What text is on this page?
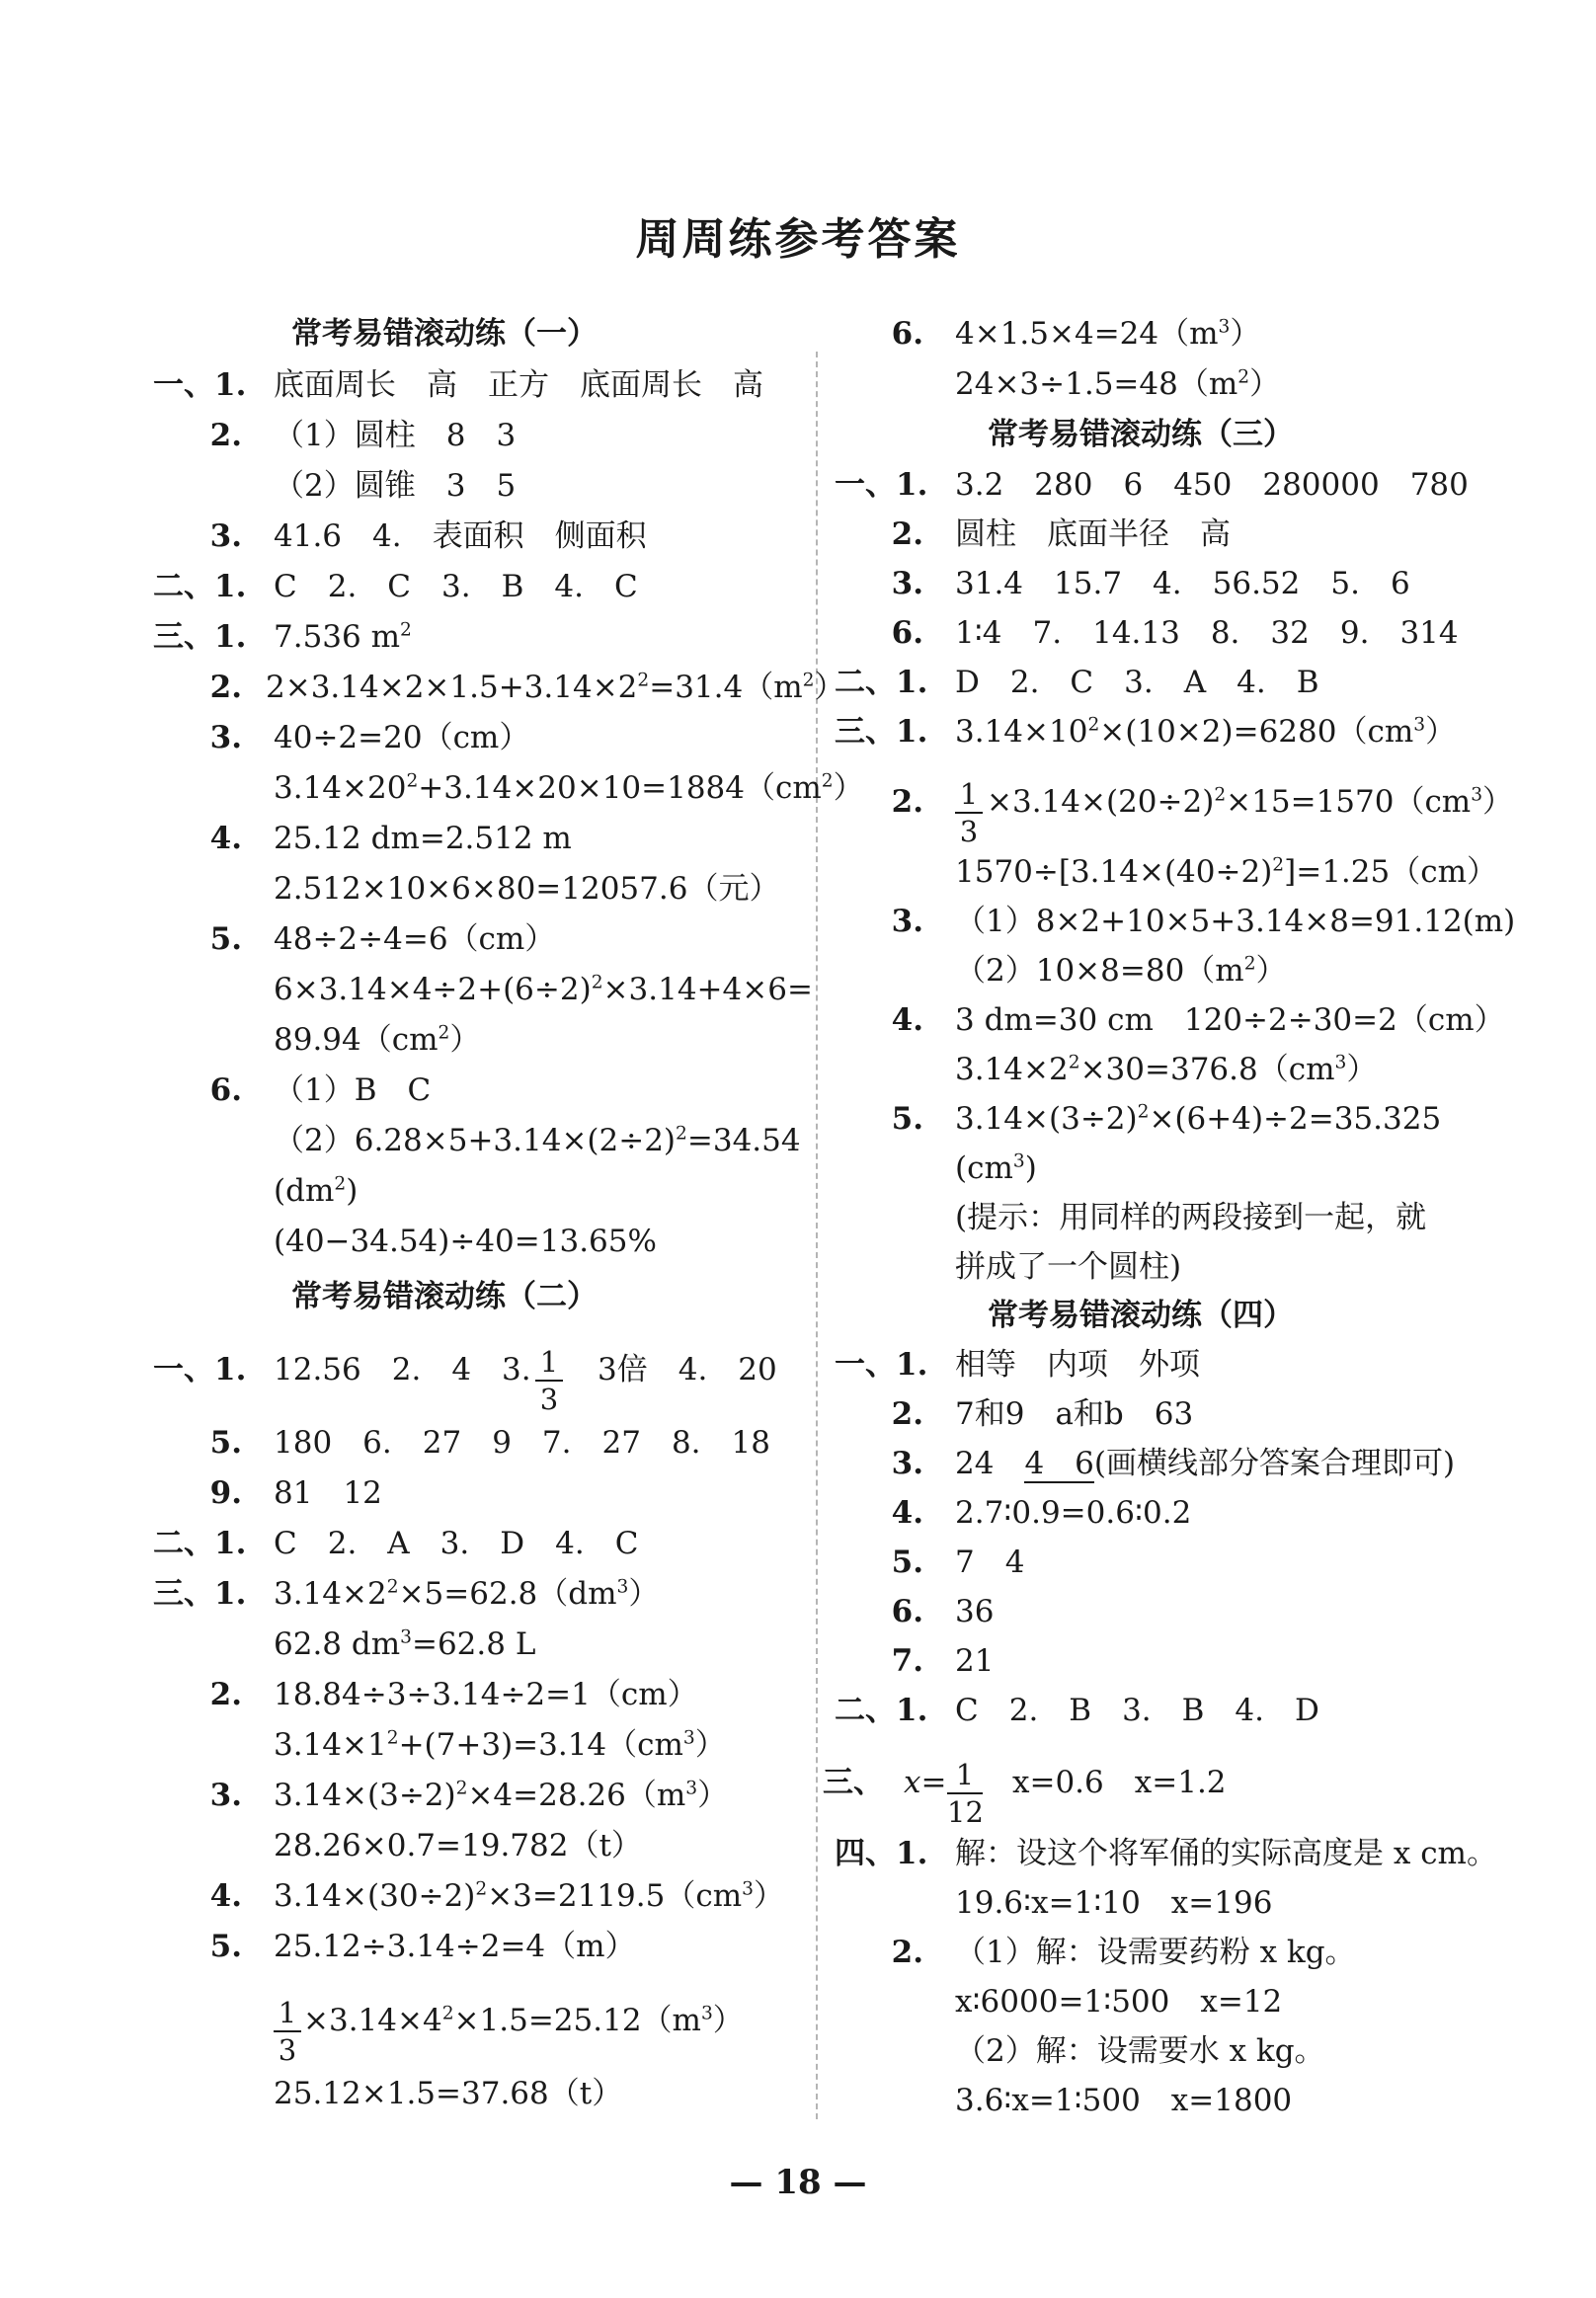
周周练参考答案
常考易错滚动练（一）
一、1. 底面周长　高　正方　底面周长　高
2. （1）圆柱　8　3
（2）圆锥　3　5
3. 41.6　4.　表面积　侧面积
二、1. C　2.　C　3.　B　4.　C
三、1. 7.536 $m^2$
2. $2\times 3.14\times 2\times 1.5+3.14\times 2^2=31.4(m^2)$
3. 40÷2=20（cm）
$3.14\times 20^2+3.14\times 20\times 10=1884(cm^2)$
4. 25.12 dm=2.512 m
2.512×10×6×80=12057.6（元）
5. 48÷2÷4=6（cm）
$6\times 3.14\times 4\div 2+(6\div 2)^2\times 3.14+4\times 6=$
$89.94(cm^2)$
6. （1）B　C
$(2)6.28\times 5+3.14\times(2\div 2)^2=34.54$
$(dm^2)$
(40−34.54)÷40=13.65%
常考易错滚动练（二）
一、1. 12.56　2.　4　3. $\frac{1}{3} 3$倍　4.　20
5. 180　6.　27　9　7.　27　8.　18
9. 81　12
二、1. C　2.　A　3.　D　4.　C
三、1. $3.14\times 2^2\times 5=62.8(dm^3)$
62.8 $dm^3=62.8$ L
2. 18.84÷3÷3.14÷2=1（cm）
$3.14\times 1^2+(7+3)=3.14(cm^3)$
3. $3.14\times(3\div 2)^2\times 4=28.26(m^3)$
28.26×0.7=19.782（t）
4. $3.14\times(30\div 2)^2\times 3=2119.5(cm^3)$
5. 25.12÷3.14÷2=4（m）
$\frac{1}{3} \times 3.14\times 4^2\times 1.5=25.12(m^3)$
25.12×1.5=37.68（t）
6. $4\times 1.5\times 4=24(m^3)$
$24\times 3\div 1.5=48(m^2)$
常考易错滚动练（三）
一、1. 3.2　280　6　450　280000　780
2. 圆柱　底面半径　高
3. 31.4　15.7　4.　56.52　5.　6
6. 1∶4　7.　14.13　8.　32　9.　314
二、1. D　2.　C　3.　A　4.　B
三、1. $3.14\times 10^2\times(10\times 2)=6280(cm^3)$
2. $\frac{1}{3} \times 3.14\times(20\div 2)^2\times 15=1570(cm^3)$
$1570\div[3.14\times(40\div 2)^2]=1.25(cm)$
3. （1）8×2+10×5+3.14×8=91.12(m)
$(2)10\times 8=80(m^2)$
4. 3 dm=30 cm　120÷2÷30=2（cm）
$3.14\times 2^2\times 30=376.8(cm^3)$
5. $3.14\times(3\div 2)^2\times(6+4)\div 2=35.325$
$(cm^3)$
(提示：用同样的两段接到一起，就
拼成了一个圆柱)
常考易错滚动练（四）
一、1. 相等　内项　外项
2. 7和9　a和b　63
3. 24　4　6(画横线部分答案合理即可)
4. 2.7∶0.9=0.6∶0.2
5. 7　4
6. 36
7. 21
二、1. C　2.　B　3.　B　4.　D
三、 $x= \frac{1}{12} x=0.6$　x=1.2
四、1. 解：设这个将军俑的实际高度是 x cm。
19.6∶x=1∶10　x=196
2. （1）解：设需要药粉 x kg。
x∶6000=1∶500　x=12
（2）解：设需要水 x kg。
3.6∶x=1∶500　x=1800
— 18 —
